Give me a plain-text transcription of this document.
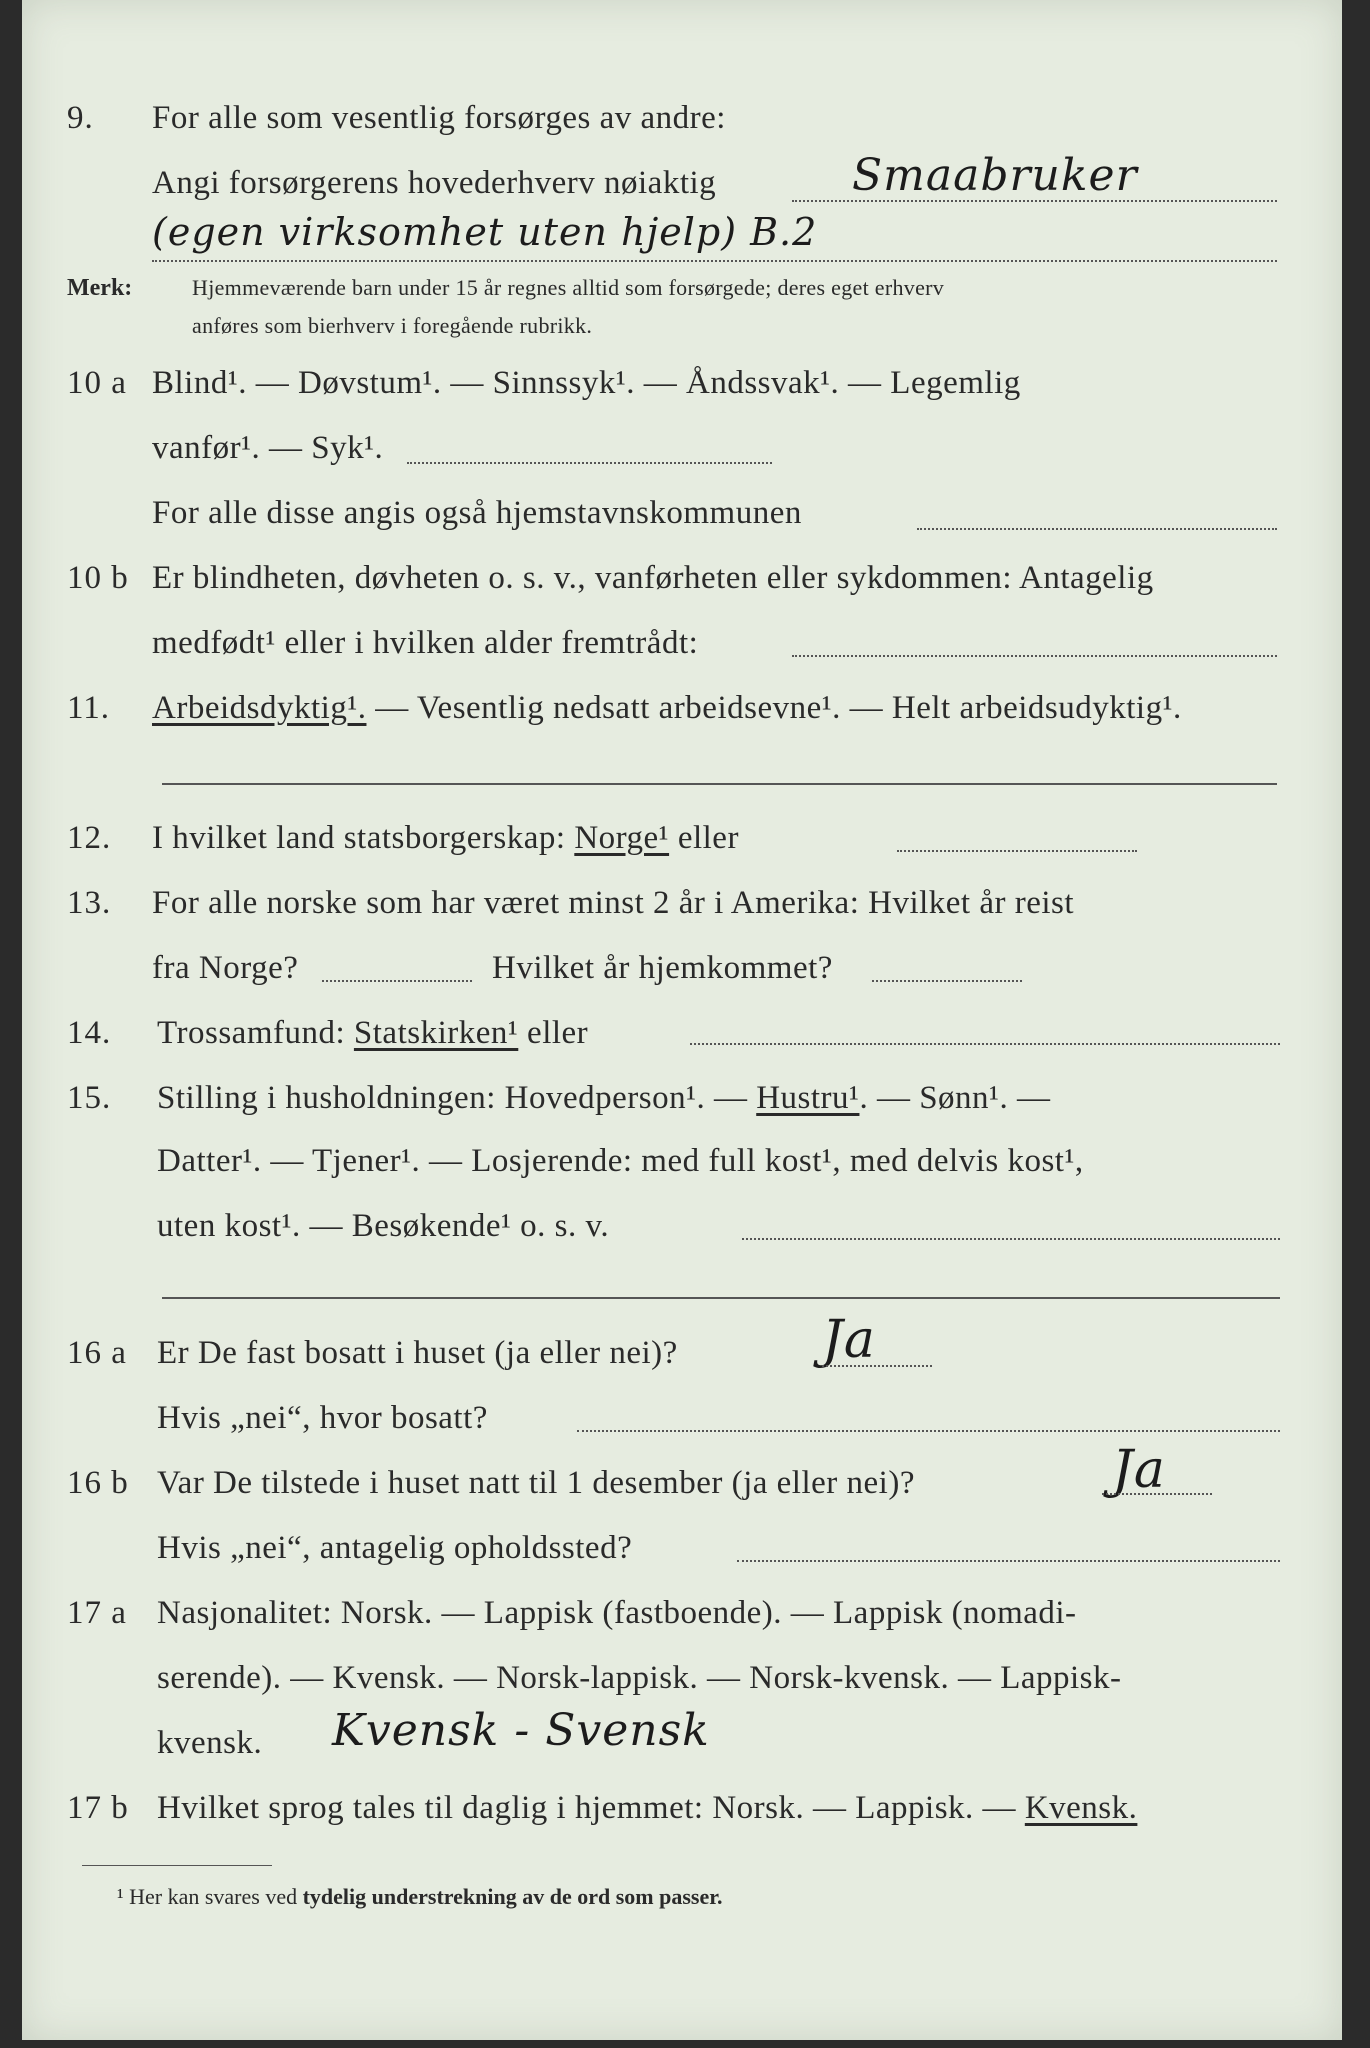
9. For alle som vesentlig forsørges av andre:
Angi forsørgerens hovederhverv nøiaktig	Smaabruker
(egen virksomhet uten hjelp) B.2
Merk:	Hjemmeværende barn under 15 år regnes alltid som forsørgede; deres eget erhverv
anføres som bierhverv i foregående rubrikk.
10 a Blind¹. — Døvstum¹. — Sinnssyk¹. — Åndssvak¹. — Legemlig
vanfør¹. — Syk¹.
For alle disse angis også hjemstavnskommunen
10 b Er blindheten, døvheten o. s. v., vanførheten eller sykdommen: Antagelig
medfødt¹ eller i hvilken alder fremtrådt:
11. Arbeidsdyktig¹. — Vesentlig nedsatt arbeidsevne¹. — Helt arbeidsudyktig¹.
12. I hvilket land statsborgerskap: Norge¹ eller
13. For alle norske som har været minst 2 år i Amerika: Hvilket år reist
fra Norge?	Hvilket år hjemkommet?
14. Trossamfund: Statskirken¹ eller
15. Stilling i husholdningen: Hovedperson¹. — Hustru¹. — Sønn¹. —
Datter¹. — Tjener¹. — Losjerende: med full kost¹, med delvis kost¹,
uten kost¹. — Besøkende¹ o. s. v.
16 a Er De fast bosatt i huset (ja eller nei)?	Ja
Hvis „nei“, hvor bosatt?
16 b Var De tilstede i huset natt til 1 desember (ja eller nei)?	Ja
Hvis „nei“, antagelig opholdssted?
17 a Nasjonalitet: Norsk. — Lappisk (fastboende). — Lappisk (nomadi-
serende). — Kvensk. — Norsk-lappisk. — Norsk-kvensk. — Lappisk-
kvensk. Kvensk - Svensk
17 b Hvilket sprog tales til daglig i hjemmet: Norsk. — Lappisk. — Kvensk.
¹ Her kan svares ved tydelig understrekning av de ord som passer.
